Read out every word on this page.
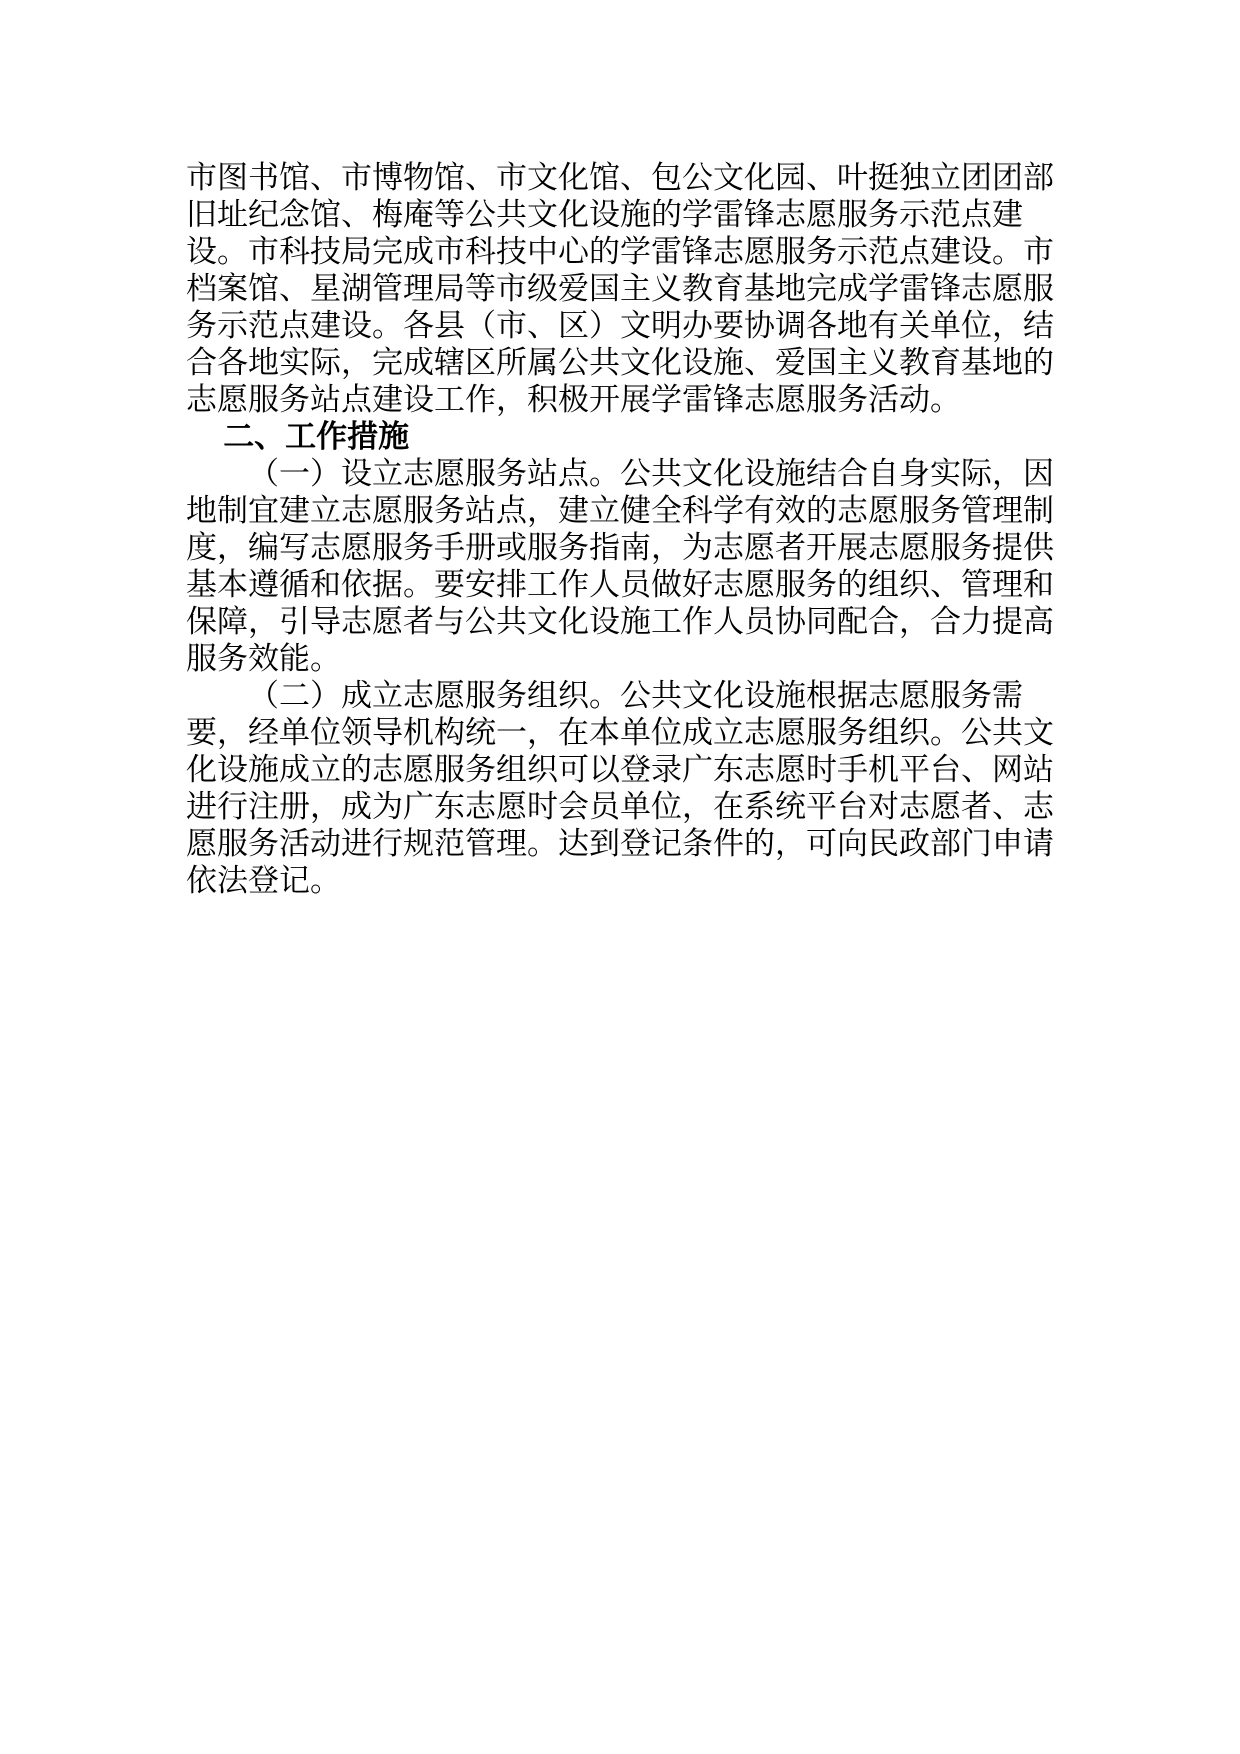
市图书馆、市博物馆、市文化馆、包公文化园、叶挺独立团团部旧址纪念馆、梅庵等公共文化设施的学雷锋志愿服务示范点建设。市科技局完成市科技中心的学雷锋志愿服务示范点建设。市档案馆、星湖管理局等市级爱国主义教育基地完成学雷锋志愿服务示范点建设。各县（市、区）文明办要协调各地有关单位，结合各地实际，完成辖区所属公共文化设施、爱国主义教育基地的志愿服务站点建设工作，积极开展学雷锋志愿服务活动。

二、工作措施

（一）设立志愿服务站点。公共文化设施结合自身实际，因地制宜建立志愿服务站点，建立健全科学有效的志愿服务管理制度，编写志愿服务手册或服务指南，为志愿者开展志愿服务提供基本遵循和依据。要安排工作人员做好志愿服务的组织、管理和保障，引导志愿者与公共文化设施工作人员协同配合，合力提高服务效能。

（二）成立志愿服务组织。公共文化设施根据志愿服务需要，经单位领导机构统一，在本单位成立志愿服务组织。公共文化设施成立的志愿服务组织可以登录广东志愿时手机平台、网站进行注册，成为广东志愿时会员单位，在系统平台对志愿者、志愿服务活动进行规范管理。达到登记条件的，可向民政部门申请依法登记。
